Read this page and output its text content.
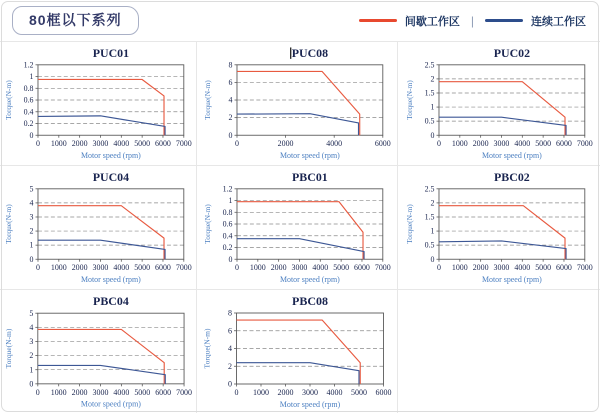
80框以下系列	间歇工作区 |	连续工作区
0
0.2
0.4
0.6
0.8
1
1.2
0 1000 2000 3000 4000 5000 6000 7000
PUC01
Motor speed (rpm)
Torque(N-m)
0
2
4
6
8
0	2000	4000	6000
PUC08
Motor speed (rpm)
Torque(N-m)
0
0.5
1
1.5
2
2.5
0 1000 2000 3000 4000 5000 6000 7000
PUC02
Motor speed (rpm)
Torque(N-m)
0
1
2
3
4
5
0 1000 2000 3000 4000 5000 6000 7000
PUC04
Motor speed (rpm)
Torque(N-m)
0
0.2
0.4
0.6
0.8
1
1.2
0 1000 2000 3000 4000 5000 6000 7000
PBC01
Motor speed (rpm)
Torque(N-m)
0
0.5
1
1.5
2
2.5
0 1000 2000 3000 4000 5000 6000 7000
PBC02
Motor speed (rpm)
Torque(N-m)
0
1
2
3
4
5
0 1000 2000 3000 4000 5000 6000 7000
PBC04
Motor speed (rpm)
Torque(N-m)
0
2
4
6
8
0 1000 2000 3000 4000 5000 6000
PBC08
Motor speed (rpm)
Torque(N-m)
